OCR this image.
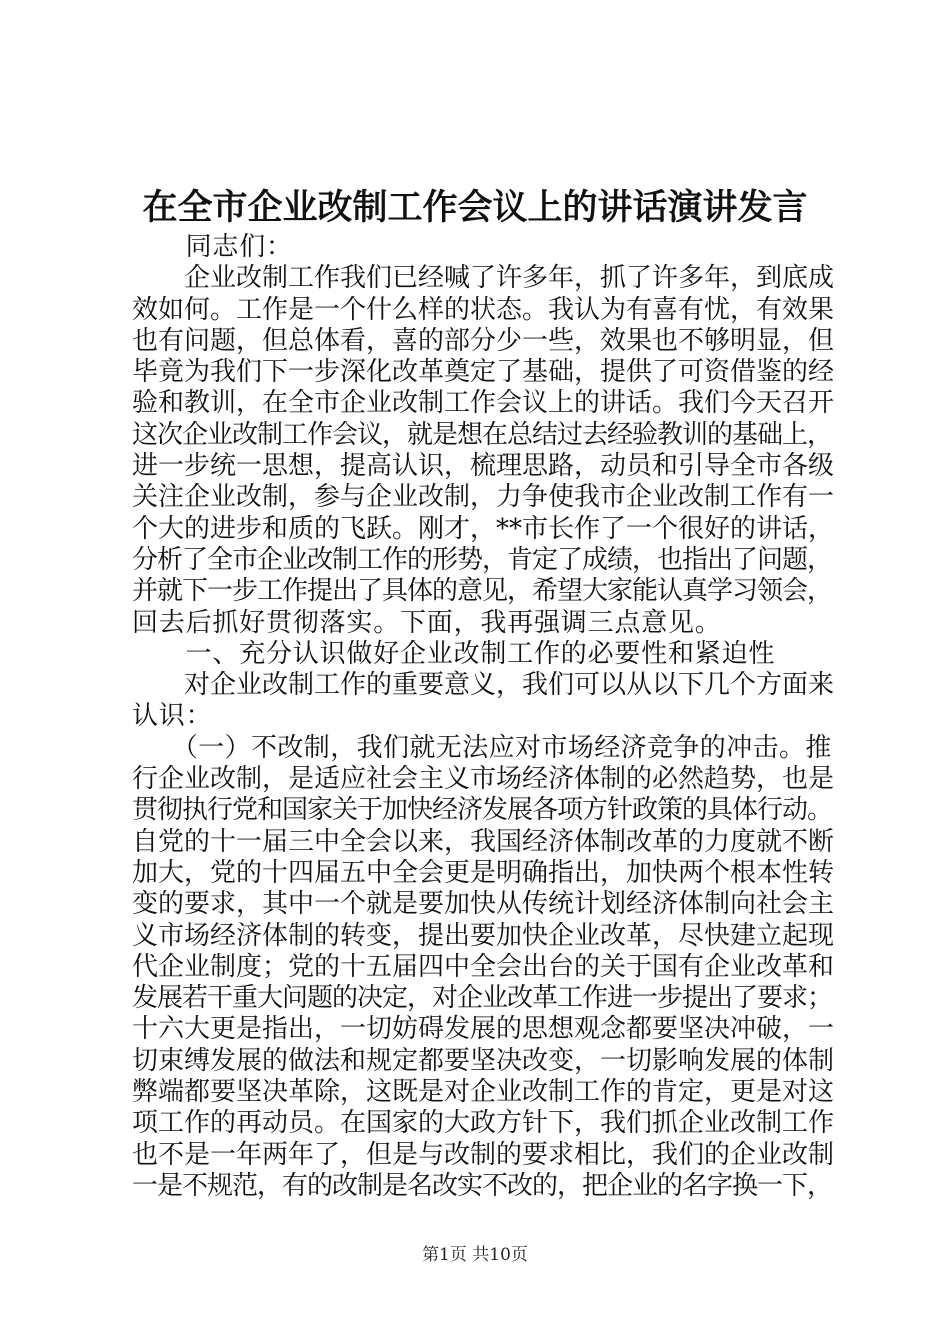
在全市企业改制工作会议上的讲话演讲发言
　　同志们：
　　企业改制工作我们已经喊了许多年，抓了许多年，到底成
效如何。工作是一个什么样的状态。我认为有喜有忧，有效果
也有问题，但总体看，喜的部分少一些，效果也不够明显，但
毕竟为我们下一步深化改革奠定了基础，提供了可资借鉴的经
验和教训，在全市企业改制工作会议上的讲话。我们今天召开
这次企业改制工作会议，就是想在总结过去经验教训的基础上，
进一步统一思想，提高认识，梳理思路，动员和引导全市各级
关注企业改制，参与企业改制，力争使我市企业改制工作有一
个大的进步和质的飞跃。刚才，**市长作了一个很好的讲话，
分析了全市企业改制工作的形势，肯定了成绩，也指出了问题，
并就下一步工作提出了具体的意见，希望大家能认真学习领会，
回去后抓好贯彻落实。下面，我再强调三点意见。
　　一、充分认识做好企业改制工作的必要性和紧迫性
　　对企业改制工作的重要意义，我们可以从以下几个方面来
认识：
　　（一）不改制，我们就无法应对市场经济竞争的冲击。推
行企业改制，是适应社会主义市场经济体制的必然趋势，也是
贯彻执行党和国家关于加快经济发展各项方针政策的具体行动。
自党的十一届三中全会以来，我国经济体制改革的力度就不断
加大，党的十四届五中全会更是明确指出，加快两个根本性转
变的要求，其中一个就是要加快从传统计划经济体制向社会主
义市场经济体制的转变，提出要加快企业改革，尽快建立起现
代企业制度；党的十五届四中全会出台的关于国有企业改革和
发展若干重大问题的决定，对企业改革工作进一步提出了要求；
十六大更是指出，一切妨碍发展的思想观念都要坚决冲破，一
切束缚发展的做法和规定都要坚决改变，一切影响发展的体制
弊端都要坚决革除，这既是对企业改制工作的肯定，更是对这
项工作的再动员。在国家的大政方针下，我们抓企业改制工作
也不是一年两年了，但是与改制的要求相比，我们的企业改制
一是不规范，有的改制是名改实不改的，把企业的名字换一下，
第1页 共10页
